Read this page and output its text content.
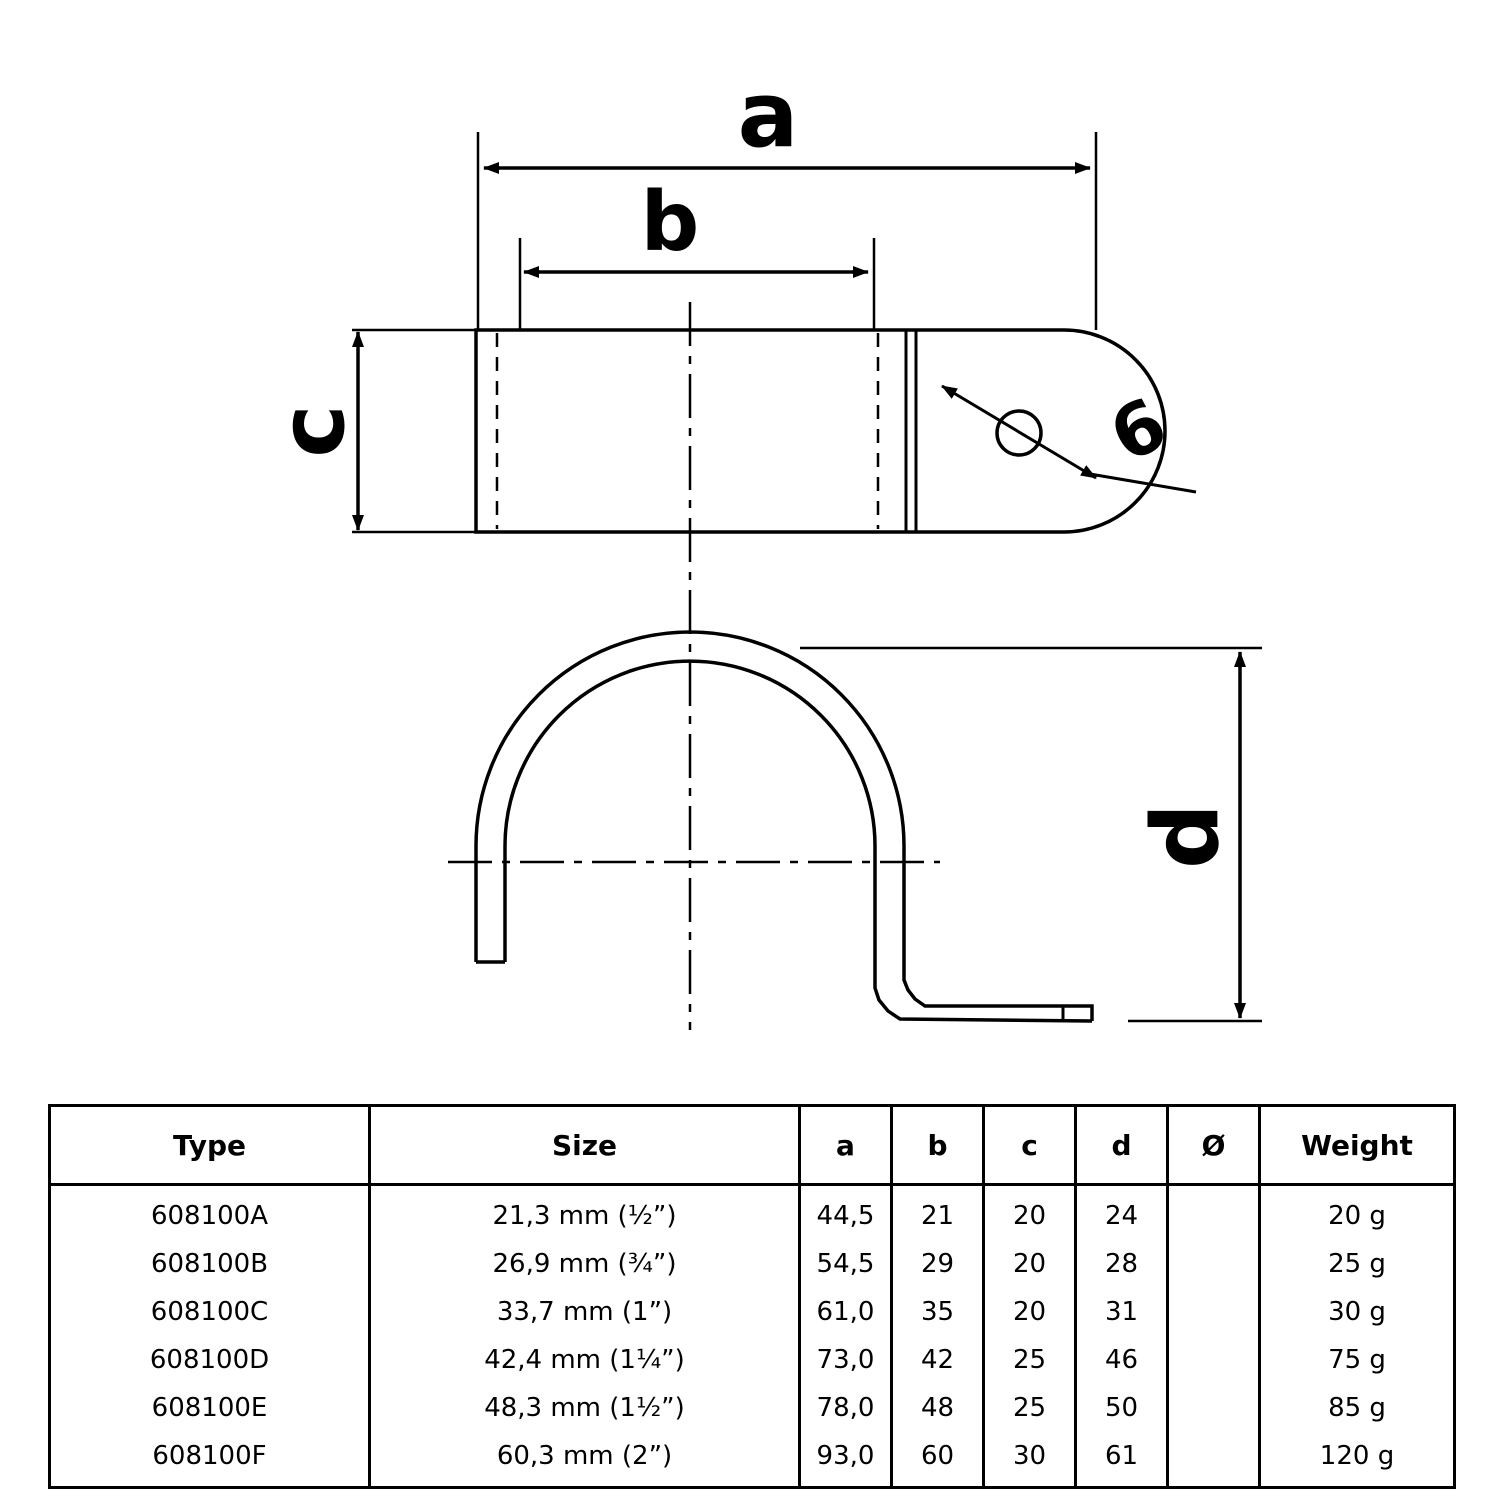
a
b
c	6
d
Type	Size	a	b	c	d	Ø	Weight
608100A	21,3 mm (½”)	44,5	21	20	24		20 g
608100B	26,9 mm (¾”)	54,5	29	20	28		25 g
608100C	33,7 mm (1”)	61,0	35	20	31		30 g
608100D	42,4 mm (1¼”)	73,0	42	25	46		75 g
608100E	48,3 mm (1½”)	78,0	48	25	50		85 g
608100F	60,3 mm (2”)	93,0	60	30	61		120 g
